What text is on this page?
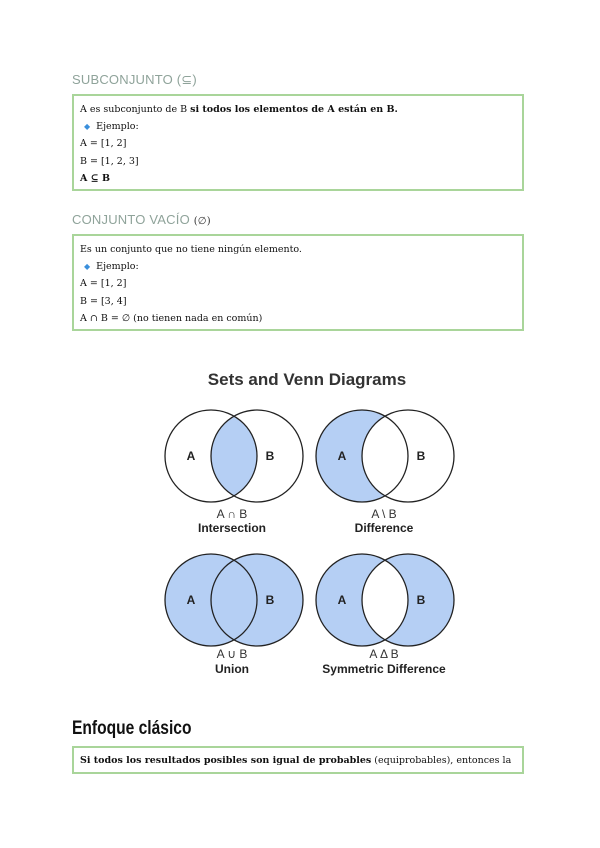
SUBCONJUNTO (⊆)
A es subconjunto de B si todos los elementos de A están en B.
◆ Ejemplo:
A = [1, 2]
B = [1, 2, 3]
A ⊆ B
CONJUNTO VACÍO (∅)
Es un conjunto que no tiene ningún elemento.
◆ Ejemplo:
A = [1, 2]
B = [3, 4]
A ∩ B = ∅ (no tienen nada en común)
Sets and Venn Diagrams
A	B
A ∩ B
Intersection
A	B
A \ B
Difference
A	B
A ∪ B
Union
A	B
A Δ B
Symmetric Difference
Enfoque clásico
Si todos los resultados posibles son igual de probables (equiprobables), entonces la
